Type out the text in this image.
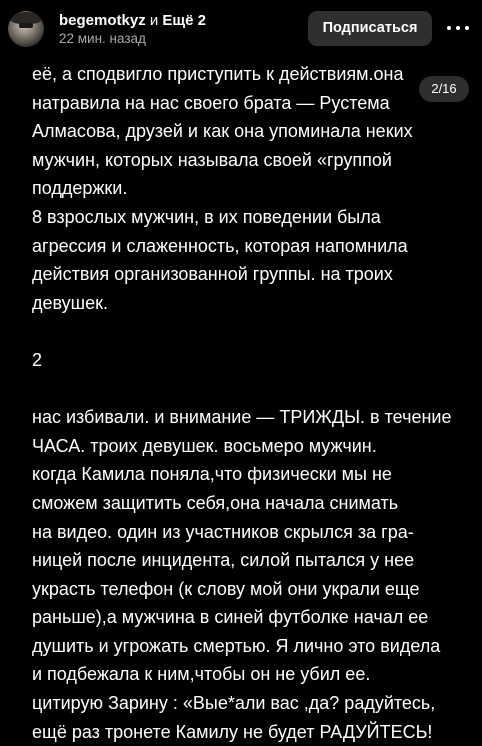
begemotkyz и Ещё 2
22 мин. назад
Подписаться
2/16
её, а сподвигло приступить к действиям.она
натравила на нас своего брата — Рустема
Алмасова, друзей и как она упоминала неких
мужчин, которых называла своей «группой
поддержки.
8 взрослых мужчин, в их поведении была
агрессия и слаженность, которая напомнила
действия организованной группы. на троих
девушек.
2
нас избивали. и внимание — ТРИЖДЫ. в течение
ЧАСА. троих девушек. восьмеро мужчин.
когда Камила поняла,что физически мы не
сможем защитить себя,она начала снимать
на видео. один из участников скрылся за гра-
ницей после инцидента, силой пытался у нее
украсть телефон (к слову мой они украли еще
раньше),а мужчина в синей футболке начал ее
душить и угрожать смертью. Я лично это видела
и подбежала к ним,чтобы он не убил ее.
цитирую Зарину : «Вые*али вас ,да? радуйтесь,
ещё раз тронете Камилу не будет РАДУЙТЕСЬ!
